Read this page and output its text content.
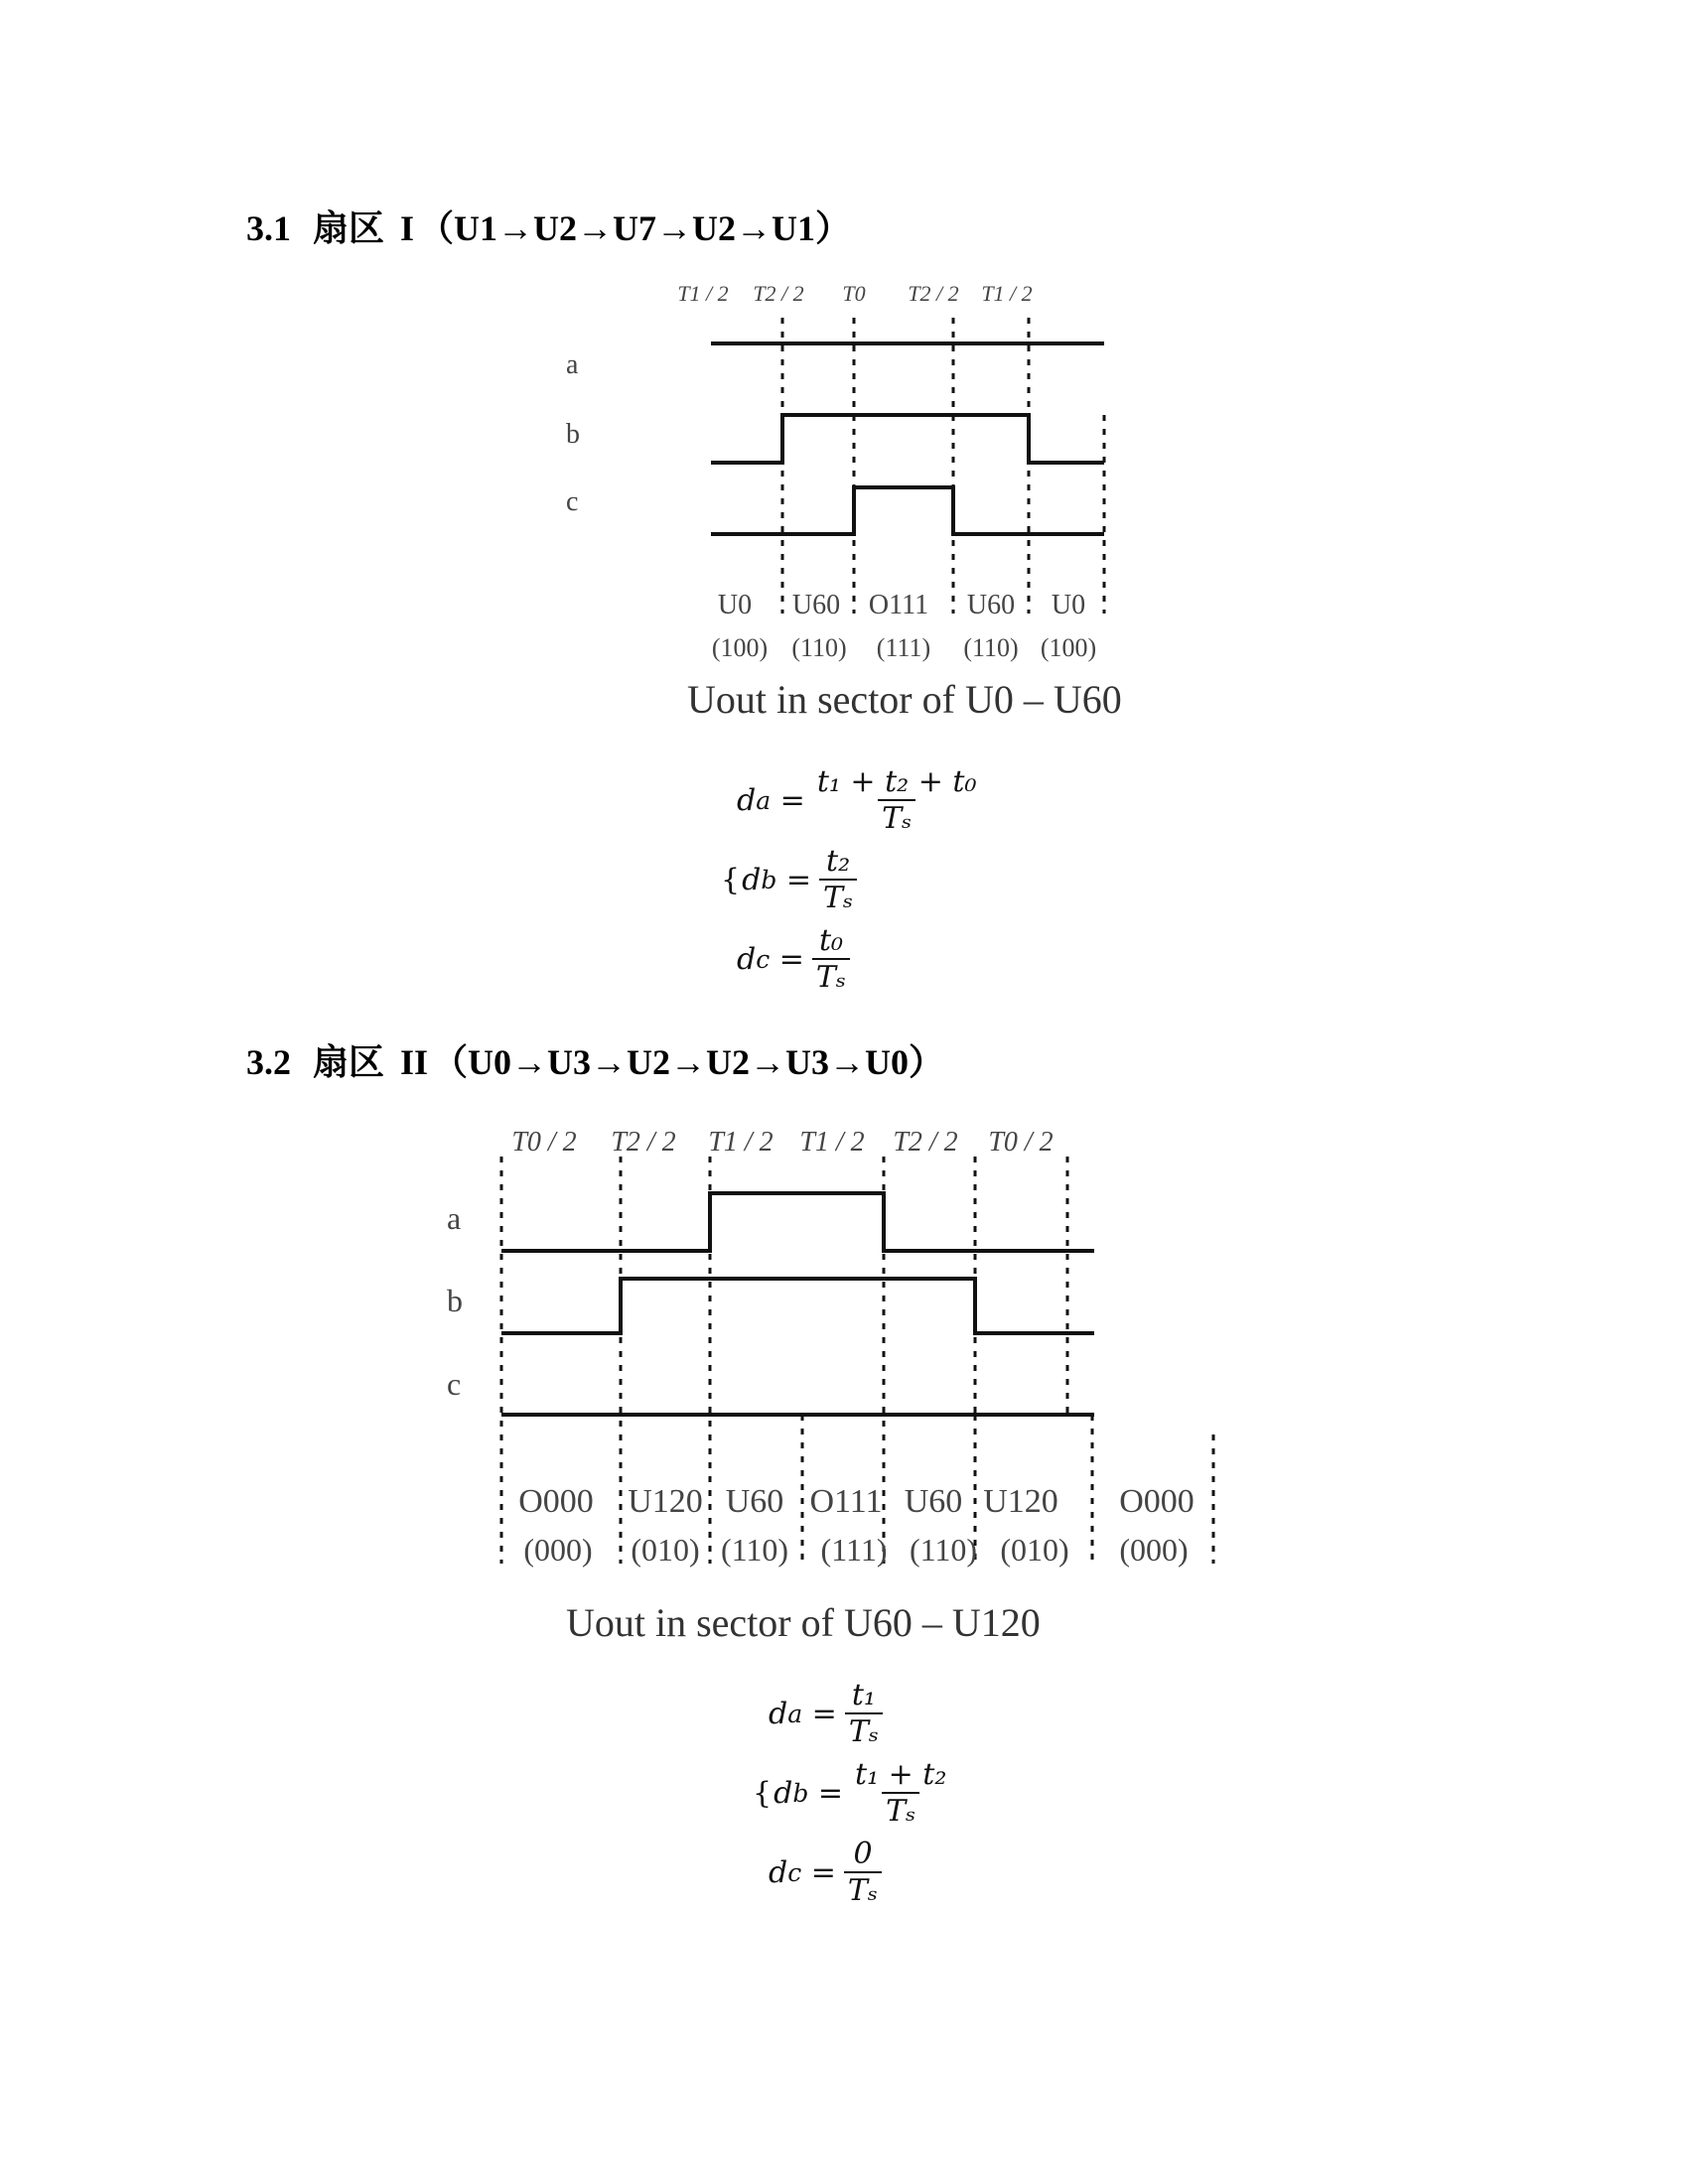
3.1 扇区 I （U1→U2→U7→U2→U1）
T1 / 2 T2 / 2 T0 T2 / 2 T1 / 2
a
b
c
U0 U60 O111 U60 U0
(100) (110) (111) (110) (100)
Uout in sector of U0 – U60
d $a = \frac{\text{t₁ + t₂ + t₀}}{\text{Tₛ}}$
{ d $b = \frac{\text{t₂}}{\text{Tₛ}}$
d $c = \frac{\text{t₀}}{\text{Tₛ}}$
3.2 扇区 II （U0→U3→U2→U2→U3→U0）
T0 / 2 T2 / 2 T1 / 2 T1 / 2 T2 / 2 T0 / 2
a
b
c
O000 U120 U60 O111 U60 U120 O000
(000) (010) (110) (111) (110) (010) (000)
Uout in sector of U60 – U120
d $a = \frac{\text{t₁}}{\text{Tₛ}}$
{ d $b = \frac{\text{t₁ + t₂}}{\text{Tₛ}}$
d $c = \frac{0}{\text{Tₛ}}$
